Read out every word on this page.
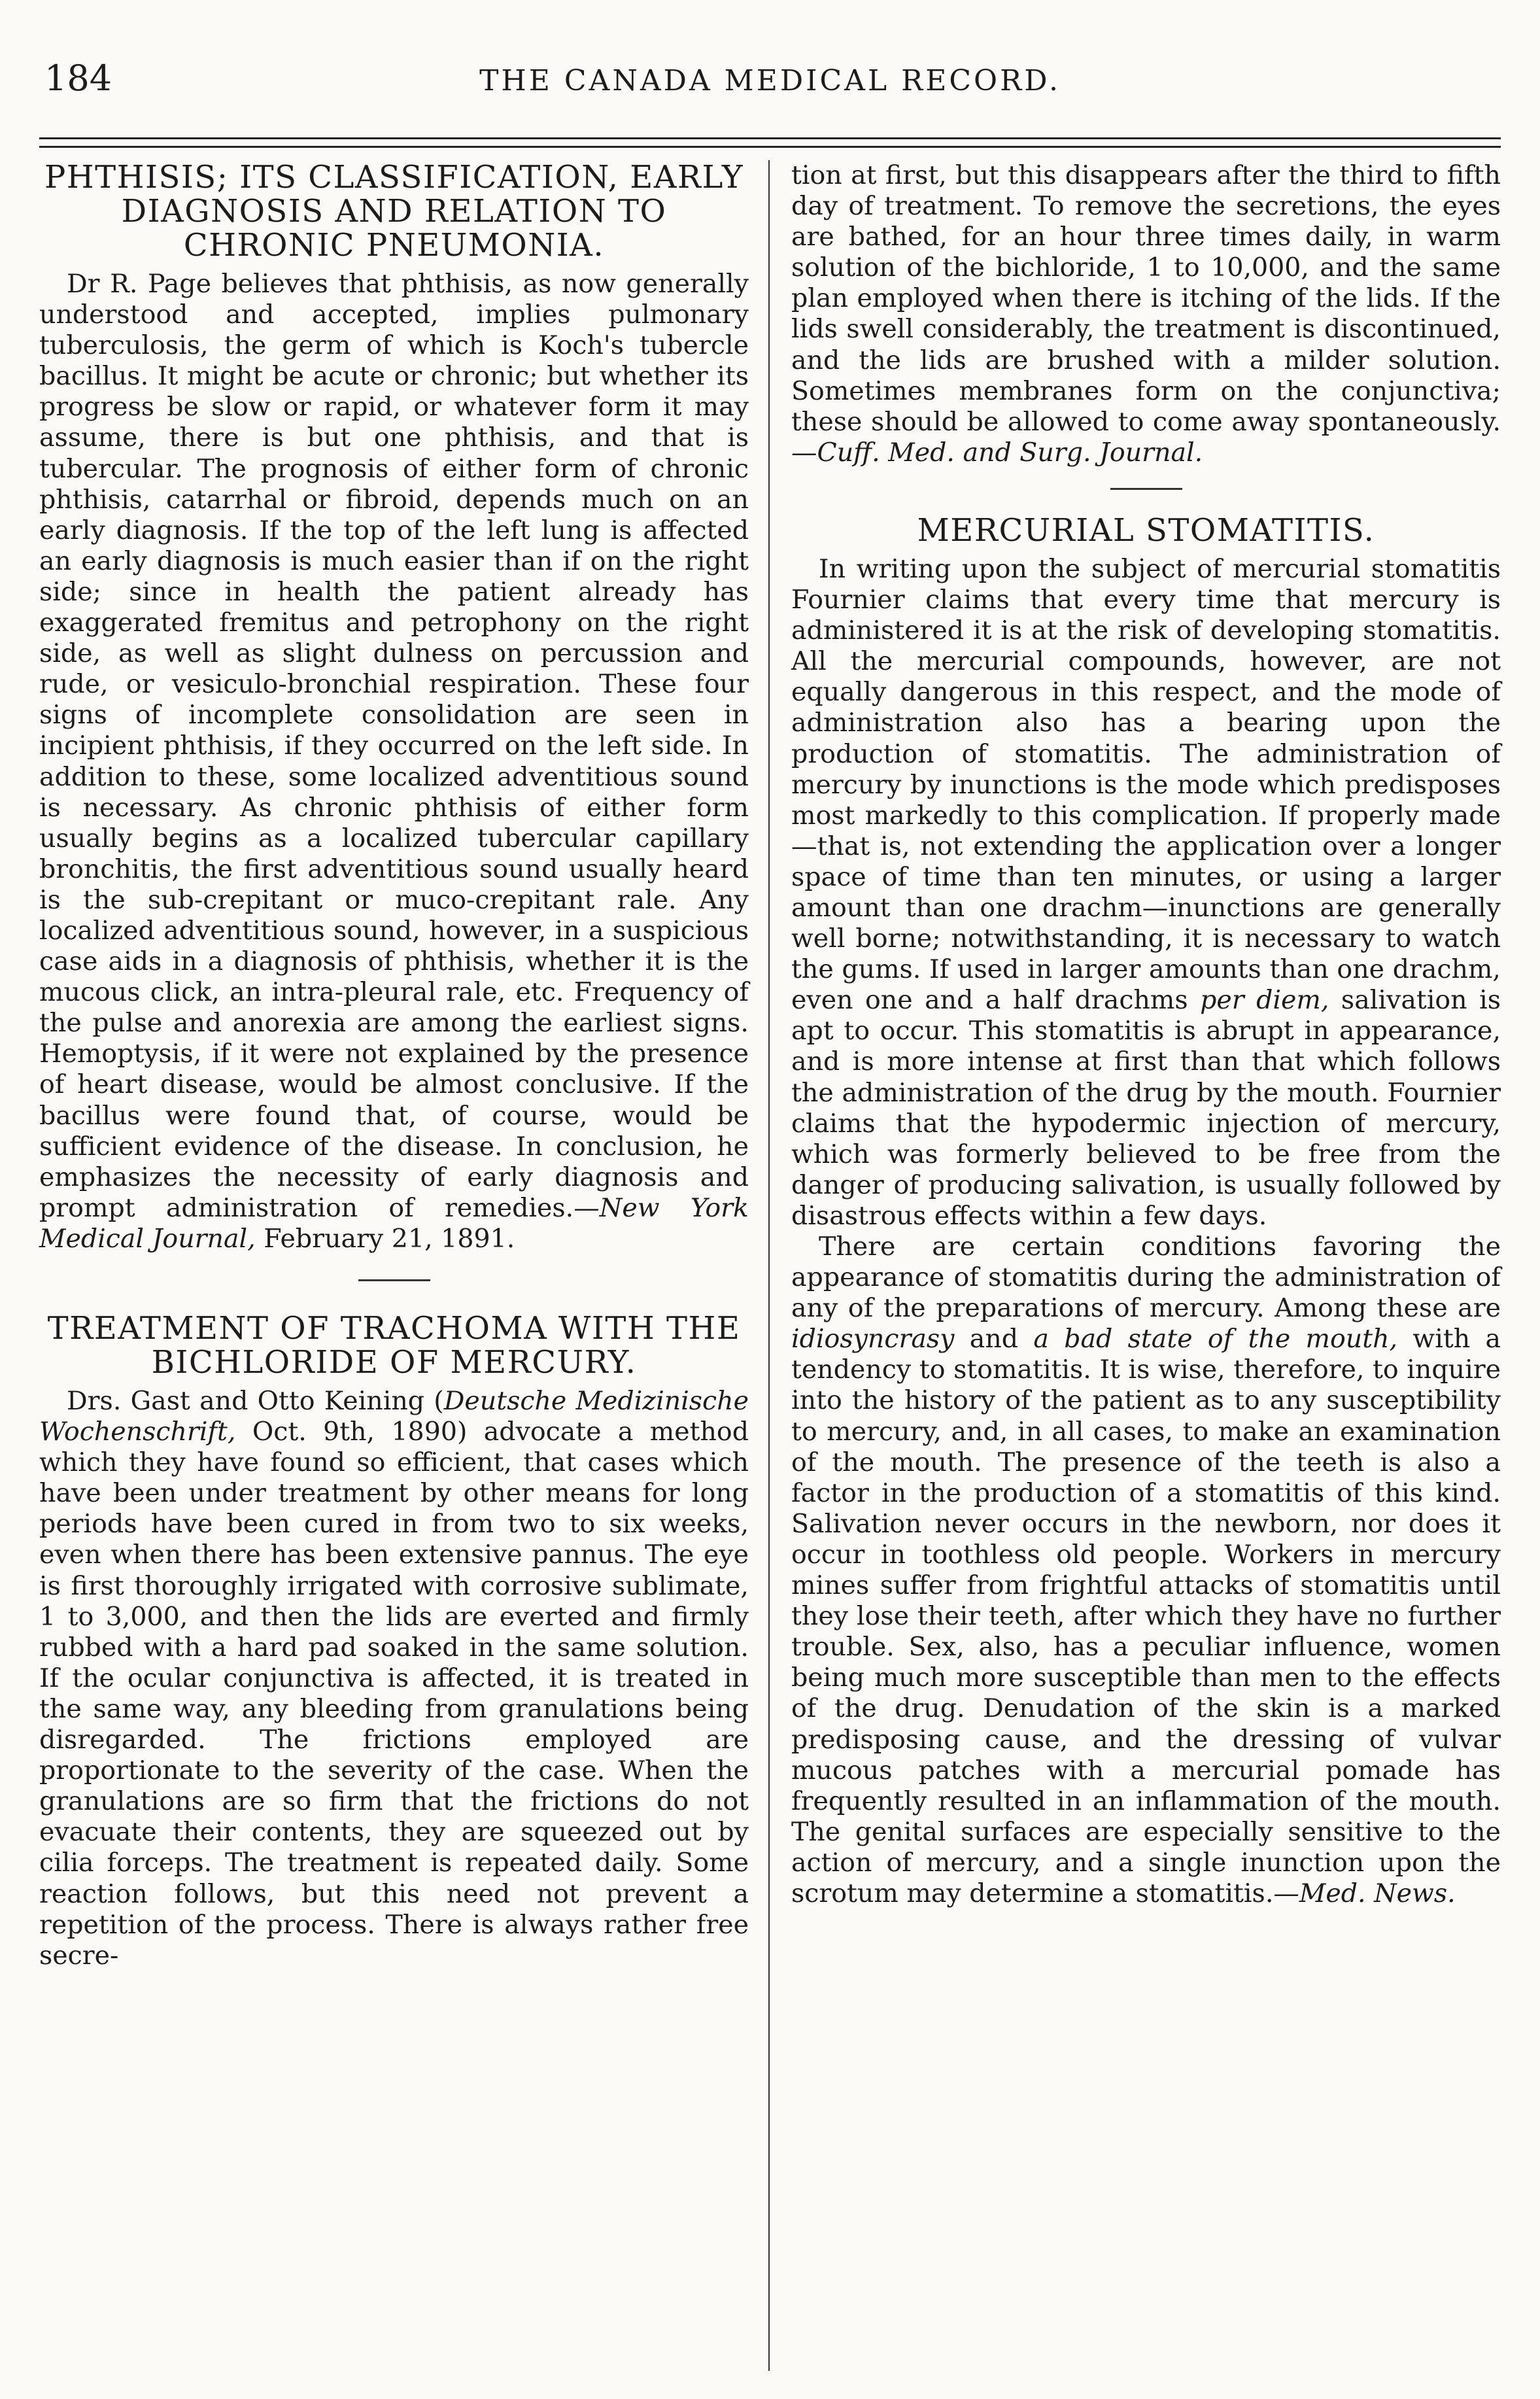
184	THE CANADA MEDICAL RECORD.
PHTHISIS; ITS CLASSIFICATION, EARLY DIAGNOSIS AND RELATION TO CHRONIC PNEUMONIA.

Dr R. Page believes that phthisis, as now generally understood and accepted, implies pulmonary tuberculosis, the germ of which is Koch's tubercle bacillus. It might be acute or chronic; but whether its progress be slow or rapid, or whatever form it may assume, there is but one phthisis, and that is tubercular. The prognosis of either form of chronic phthisis, catarrhal or fibroid, depends much on an early diagnosis. If the top of the left lung is affected an early diagnosis is much easier than if on the right side; since in health the patient already has exaggerated fremitus and petrophony on the right side, as well as slight dulness on percussion and rude, or vesiculo-bronchial respiration. These four signs of incomplete consolidation are seen in incipient phthisis, if they occurred on the left side. In addition to these, some localized adventitious sound is necessary. As chronic phthisis of either form usually begins as a localized tubercular capillary bronchitis, the first adventitious sound usually heard is the sub-crepitant or muco-crepitant rale. Any localized adventitious sound, however, in a suspicious case aids in a diagnosis of phthisis, whether it is the mucous click, an intra-pleural rale, etc. Frequency of the pulse and anorexia are among the earliest signs. Hemoptysis, if it were not explained by the presence of heart disease, would be almost conclusive. If the bacillus were found that, of course, would be sufficient evidence of the disease. In conclusion, he emphasizes the necessity of early diagnosis and prompt administration of remedies.—New York Medical Journal, February 21, 1891.

TREATMENT OF TRACHOMA WITH THE BICHLORIDE OF MERCURY.

Drs. Gast and Otto Keining (Deutsche Medizinische Wochenschrift, Oct. 9th, 1890) advocate a method which they have found so efficient, that cases which have been under treatment by other means for long periods have been cured in from two to six weeks, even when there has been extensive pannus. The eye is first thoroughly irrigated with corrosive sublimate, 1 to 3,000, and then the lids are everted and firmly rubbed with a hard pad soaked in the same solution. If the ocular conjunctiva is affected, it is treated in the same way, any bleeding from granulations being disregarded. The frictions employed are proportionate to the severity of the case. When the granulations are so firm that the frictions do not evacuate their contents, they are squeezed out by cilia forceps. The treatment is repeated daily. Some reaction follows, but this need not prevent a repetition of the process. There is always rather free secre-

tion at first, but this disappears after the third to fifth day of treatment. To remove the secretions, the eyes are bathed, for an hour three times daily, in warm solution of the bichloride, 1 to 10,000, and the same plan employed when there is itching of the lids. If the lids swell considerably, the treatment is discontinued, and the lids are brushed with a milder solution. Sometimes membranes form on the conjunctiva; these should be allowed to come away spontaneously.—Cuff. Med. and Surg. Journal.

MERCURIAL STOMATITIS.

In writing upon the subject of mercurial stomatitis Fournier claims that every time that mercury is administered it is at the risk of developing stomatitis. All the mercurial compounds, however, are not equally dangerous in this respect, and the mode of administration also has a bearing upon the production of stomatitis. The administration of mercury by inunctions is the mode which predisposes most markedly to this complication. If properly made—that is, not extending the application over a longer space of time than ten minutes, or using a larger amount than one drachm—inunctions are generally well borne; notwithstanding, it is necessary to watch the gums. If used in larger amounts than one drachm, even one and a half drachms per diem, salivation is apt to occur. This stomatitis is abrupt in appearance, and is more intense at first than that which follows the administration of the drug by the mouth. Fournier claims that the hypodermic injection of mercury, which was formerly believed to be free from the danger of producing salivation, is usually followed by disastrous effects within a few days.

There are certain conditions favoring the appearance of stomatitis during the administration of any of the preparations of mercury. Among these are idiosyncrasy and a bad state of the mouth, with a tendency to stomatitis. It is wise, therefore, to inquire into the history of the patient as to any susceptibility to mercury, and, in all cases, to make an examination of the mouth. The presence of the teeth is also a factor in the production of a stomatitis of this kind. Salivation never occurs in the newborn, nor does it occur in toothless old people. Workers in mercury mines suffer from frightful attacks of stomatitis until they lose their teeth, after which they have no further trouble. Sex, also, has a peculiar influence, women being much more susceptible than men to the effects of the drug. Denudation of the skin is a marked predisposing cause, and the dressing of vulvar mucous patches with a mercurial pomade has frequently resulted in an inflammation of the mouth. The genital surfaces are especially sensitive to the action of mercury, and a single inunction upon the scrotum may determine a stomatitis.—Med. News.
